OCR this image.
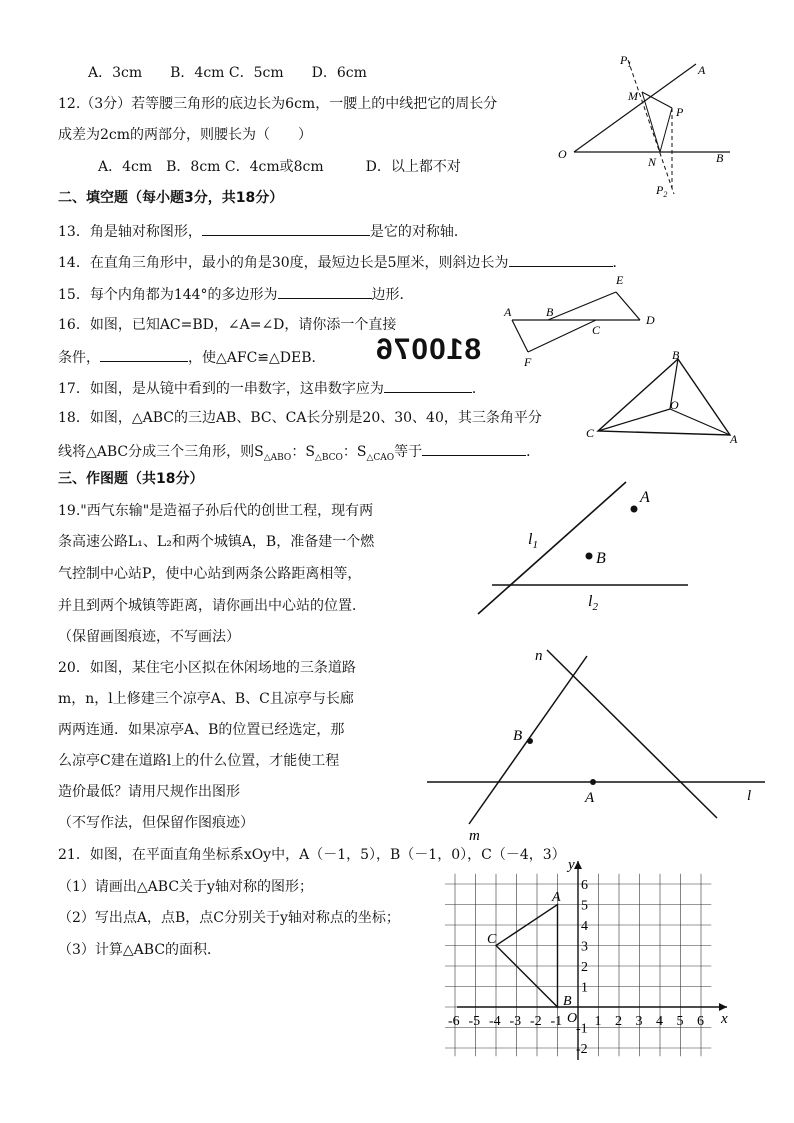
A．3cm　　B．4cm C．5cm　　D．6cm
12.（3分）若等腰三角形的底边长为6cm，一腰上的中线把它的周长分
成差为2cm的两部分，则腰长为（　　）
A．4cm　B．8cm C．4cm或8cm　　　D．以上都不对
二、填空题（每小题3分，共18分）
13．角是轴对称图形，	是它的对称轴．
14．在直角三角形中，最小的角是30度，最短边长是5厘米，则斜边长为	．
15．每个内角都为144°的多边形为	边形．
16．如图，已知AC=BD，∠A=∠D，请你添一个直接
条件，	，使△AFC≌△DEB． 810076
17．如图，是从镜中看到的一串数字，这串数字应为	．
18．如图，△ABC的三边AB、BC、CA长分别是20、30、40，其三条角平分
线将△ABC分成三个三角形，则$S_{\triangle ABO}$：$S_{\triangle BCO}$：$S_{\triangle CAO}$等于	．
三、作图题（共18分）
19."西气东输"是造福子孙后代的创世工程，现有两
条高速公路L₁、L₂和两个城镇A，B，准备建一个燃
气控制中心站P，使中心站到两条公路距离相等，
并且到两个城镇等距离，请你画出中心站的位置．
（保留画图痕迹，不写画法）
20．如图，某住宅小区拟在休闲场地的三条道路
m，n，l上修建三个凉亭A、B、C且凉亭与长廊
两两连通．如果凉亭A、B的位置已经选定，那
么凉亭C建在道路l上的什么位置，才能使工程
造价最低？请用尺规作出图形
（不写作法，但保留作图痕迹）
21．如图，在平面直角坐标系xOy中，A（－1，5），B（－1，0），C（－4，3）
（1）请画出△ABC关于y轴对称的图形；
（2）写出点A，点B，点C分别关于y轴对称点的坐标；
（3）计算△ABC的面积．
$P_1$	A
M
P
O
N	B
$P_2$
A	B
E
C
D
F	B
O
C	A
A
$l_1$
B
$l_2$
n
B
A	l
m
-6 -5 -4 -3 -2 -1 1 2 3 4 5 6
6
5
4
3
2
1
-1
-2
x
y
O
A
C
B
